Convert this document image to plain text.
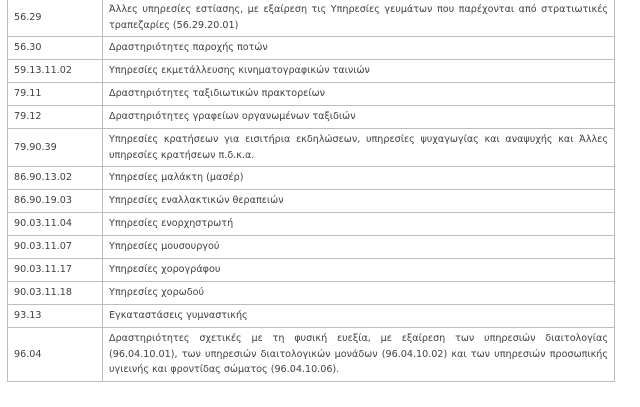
56.29	Άλλες υπηρεσίες εστίασης, με εξαίρεση τις Υπηρεσίες γευμάτων που παρέχονται από στρατιωτικές τραπεζαρίες (56.29.20.01)
56.30	Δραστηριότητες παροχής ποτών
59.13.11.02	Υπηρεσίες εκμετάλλευσης κινηματογραφικών ταινιών
79.11	Δραστηριότητες ταξιδιωτικών πρακτορείων
79.12	Δραστηριότητες γραφείων οργανωμένων ταξιδιών
79.90.39	Υπηρεσίες κρατήσεων για εισιτήρια εκδηλώσεων, υπηρεσίες ψυχαγωγίας και αναψυχής και Άλλες υπηρεσίες κρατήσεων π.δ.κ.α.
86.90.13.02	Υπηρεσίες μαλάκτη (μασέρ)
86.90.19.03	Υπηρεσίες εναλλακτικών θεραπειών
90.03.11.04	Υπηρεσίες ενορχηστρωτή
90.03.11.07	Υπηρεσίες μουσουργού
90.03.11.17	Υπηρεσίες χορογράφου
90.03.11.18	Υπηρεσίες χορωδού
93.13	Εγκαταστάσεις γυμναστικής
96.04	Δραστηριότητες σχετικές με τη φυσική ευεξία, με εξαίρεση των υπηρεσιών διαιτολογίας (96.04.10.01), των υπηρεσιών διαιτολογικών μονάδων (96.04.10.02) και των υπηρεσιών προσωπικής υγιεινής και φροντίδας σώματος (96.04.10.06).
